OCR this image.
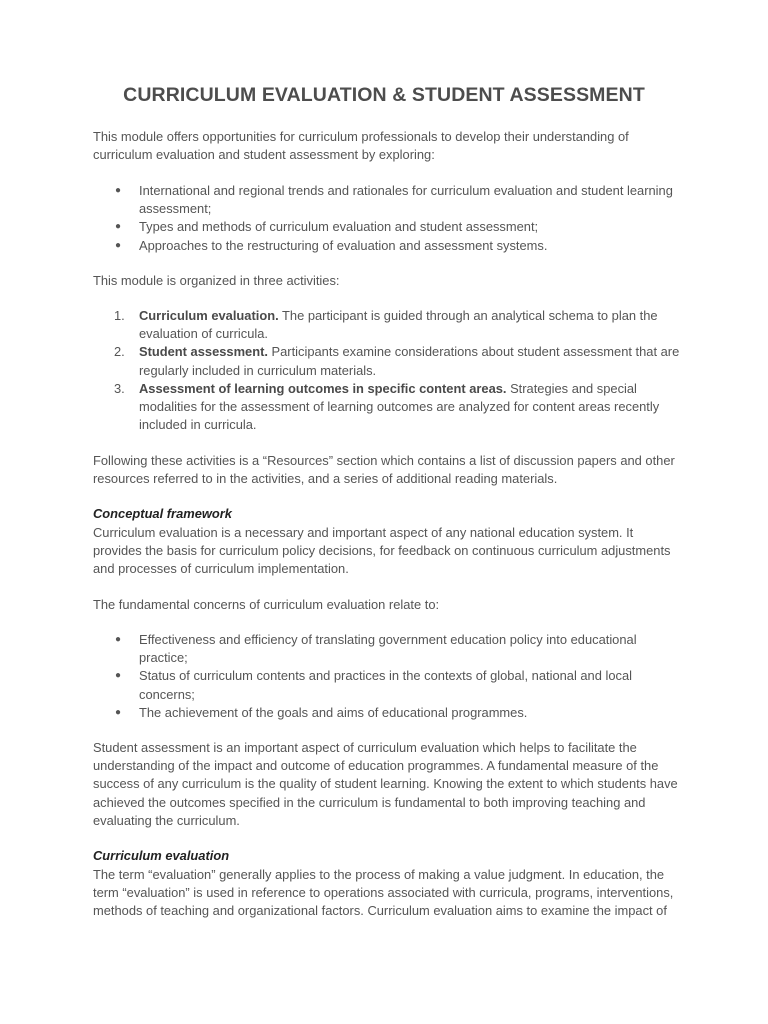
CURRICULUM EVALUATION & STUDENT ASSESSMENT

This module offers opportunities for curriculum professionals to develop their understanding of curriculum evaluation and student assessment by exploring:

●	International and regional trends and rationales for curriculum evaluation and student learning assessment;
●	Types and methods of curriculum evaluation and student assessment;
●	Approaches to the restructuring of evaluation and assessment systems.

This module is organized in three activities:

1.	Curriculum evaluation. The participant is guided through an analytical schema to plan the evaluation of curricula.
2.	Student assessment. Participants examine considerations about student assessment that are regularly included in curriculum materials.
3.	Assessment of learning outcomes in specific content areas. Strategies and special modalities for the assessment of learning outcomes are analyzed for content areas recently included in curricula.

Following these activities is a “Resources” section which contains a list of discussion papers and other resources referred to in the activities, and a series of additional reading materials.

Conceptual framework

Curriculum evaluation is a necessary and important aspect of any national education system. It provides the basis for curriculum policy decisions, for feedback on continuous curriculum adjustments and processes of curriculum implementation.

The fundamental concerns of curriculum evaluation relate to:

●	Effectiveness and efficiency of translating government education policy into educational practice;
●	Status of curriculum contents and practices in the contexts of global, national and local concerns;
●	The achievement of the goals and aims of educational programmes.

Student assessment is an important aspect of curriculum evaluation which helps to facilitate the understanding of the impact and outcome of education programmes. A fundamental measure of the success of any curriculum is the quality of student learning. Knowing the extent to which students have achieved the outcomes specified in the curriculum is fundamental to both improving teaching and evaluating the curriculum.

Curriculum evaluation

The term “evaluation” generally applies to the process of making a value judgment. In education, the term “evaluation” is used in reference to operations associated with curricula, programs, interventions, methods of teaching and organizational factors. Curriculum evaluation aims to examine the impact of
